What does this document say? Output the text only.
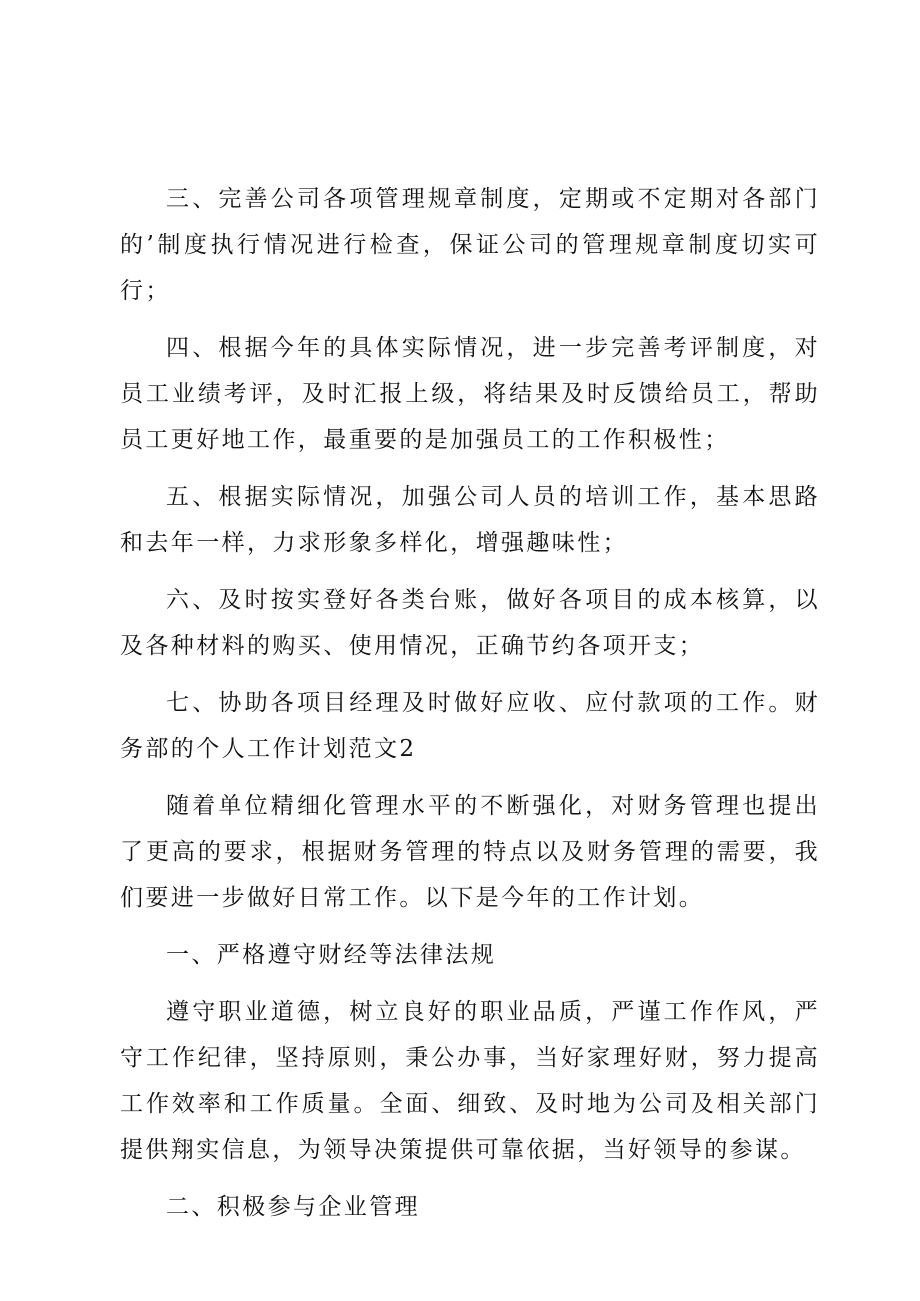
三、完善公司各项管理规章制度，定期或不定期对各部门的’制度执行情况进行检查，保证公司的管理规章制度切实可行；

四、根据今年的具体实际情况，进一步完善考评制度，对员工业绩考评，及时汇报上级，将结果及时反馈给员工，帮助员工更好地工作，最重要的是加强员工的工作积极性；

五、根据实际情况，加强公司人员的培训工作，基本思路和去年一样，力求形象多样化，增强趣味性；

六、及时按实登好各类台账，做好各项目的成本核算，以及各种材料的购买、使用情况，正确节约各项开支；

七、协助各项目经理及时做好应收、应付款项的工作。财务部的个人工作计划范文2

随着单位精细化管理水平的不断强化，对财务管理也提出了更高的要求，根据财务管理的特点以及财务管理的需要，我们要进一步做好日常工作。以下是今年的工作计划。

一、严格遵守财经等法律法规

遵守职业道德，树立良好的职业品质，严谨工作作风，严守工作纪律，坚持原则，秉公办事，当好家理好财，努力提高工作效率和工作质量。全面、细致、及时地为公司及相关部门提供翔实信息，为领导决策提供可靠依据，当好领导的参谋。

二、积极参与企业管理
